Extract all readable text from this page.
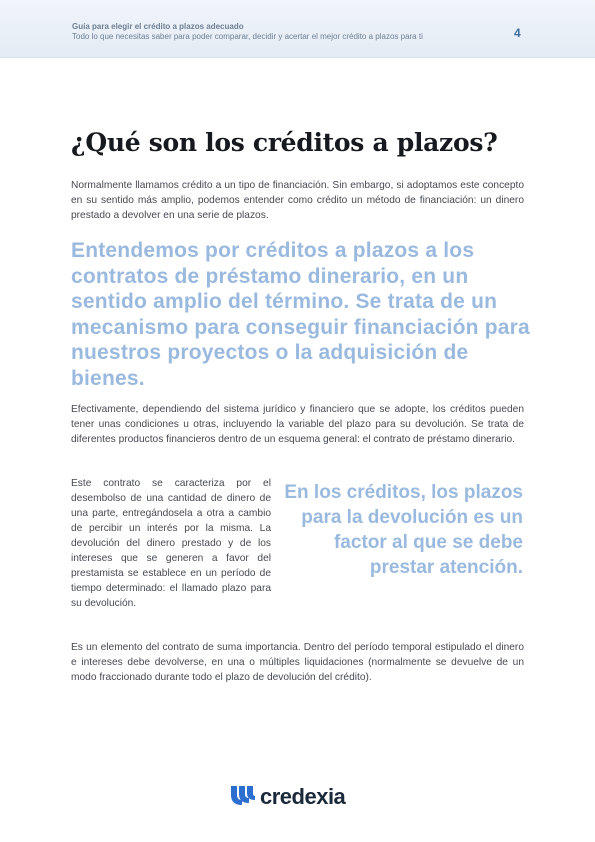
Guía para elegir el crédito a plazos adecuado
Todo lo que necesitas saber para poder comparar, decidir y acertar el mejor crédito a plazos para ti	4
¿Qué son los créditos a plazos?

Normalmente llamamos crédito a un tipo de financiación. Sin embargo, si adoptamos este concepto en su sentido más amplio, podemos entender como crédito un método de financiación: un dinero prestado a devolver en una serie de plazos.

Entendemos por créditos a plazos a los contratos de préstamo dinerario, en un sentido amplio del término. Se trata de un mecanismo para conseguir financiación para nuestros proyectos o la adquisición de bienes.

Efectivamente, dependiendo del sistema jurídico y financiero que se adopte, los créditos pueden tener unas condiciones u otras, incluyendo la variable del plazo para su devolución. Se trata de diferentes productos financieros dentro de un esquema general: el contrato de préstamo dinerario.

Este contrato se caracteriza por el desembolso de una cantidad de dinero de una parte, entregándosela a otra a cambio de percibir un interés por la misma. La devolución del dinero prestado y de los intereses que se generen a favor del prestamista se establece en un período de tiempo determinado: el llamado plazo para su devolución.

En los créditos, los plazos para la devolución es un factor al que se debe prestar atención.

Es un elemento del contrato de suma importancia. Dentro del período temporal estipulado el dinero e intereses debe devolverse, en una o múltiples liquidaciones (normalmente se devuelve de un modo fraccionado durante todo el plazo de devolución del crédito).

credexia
